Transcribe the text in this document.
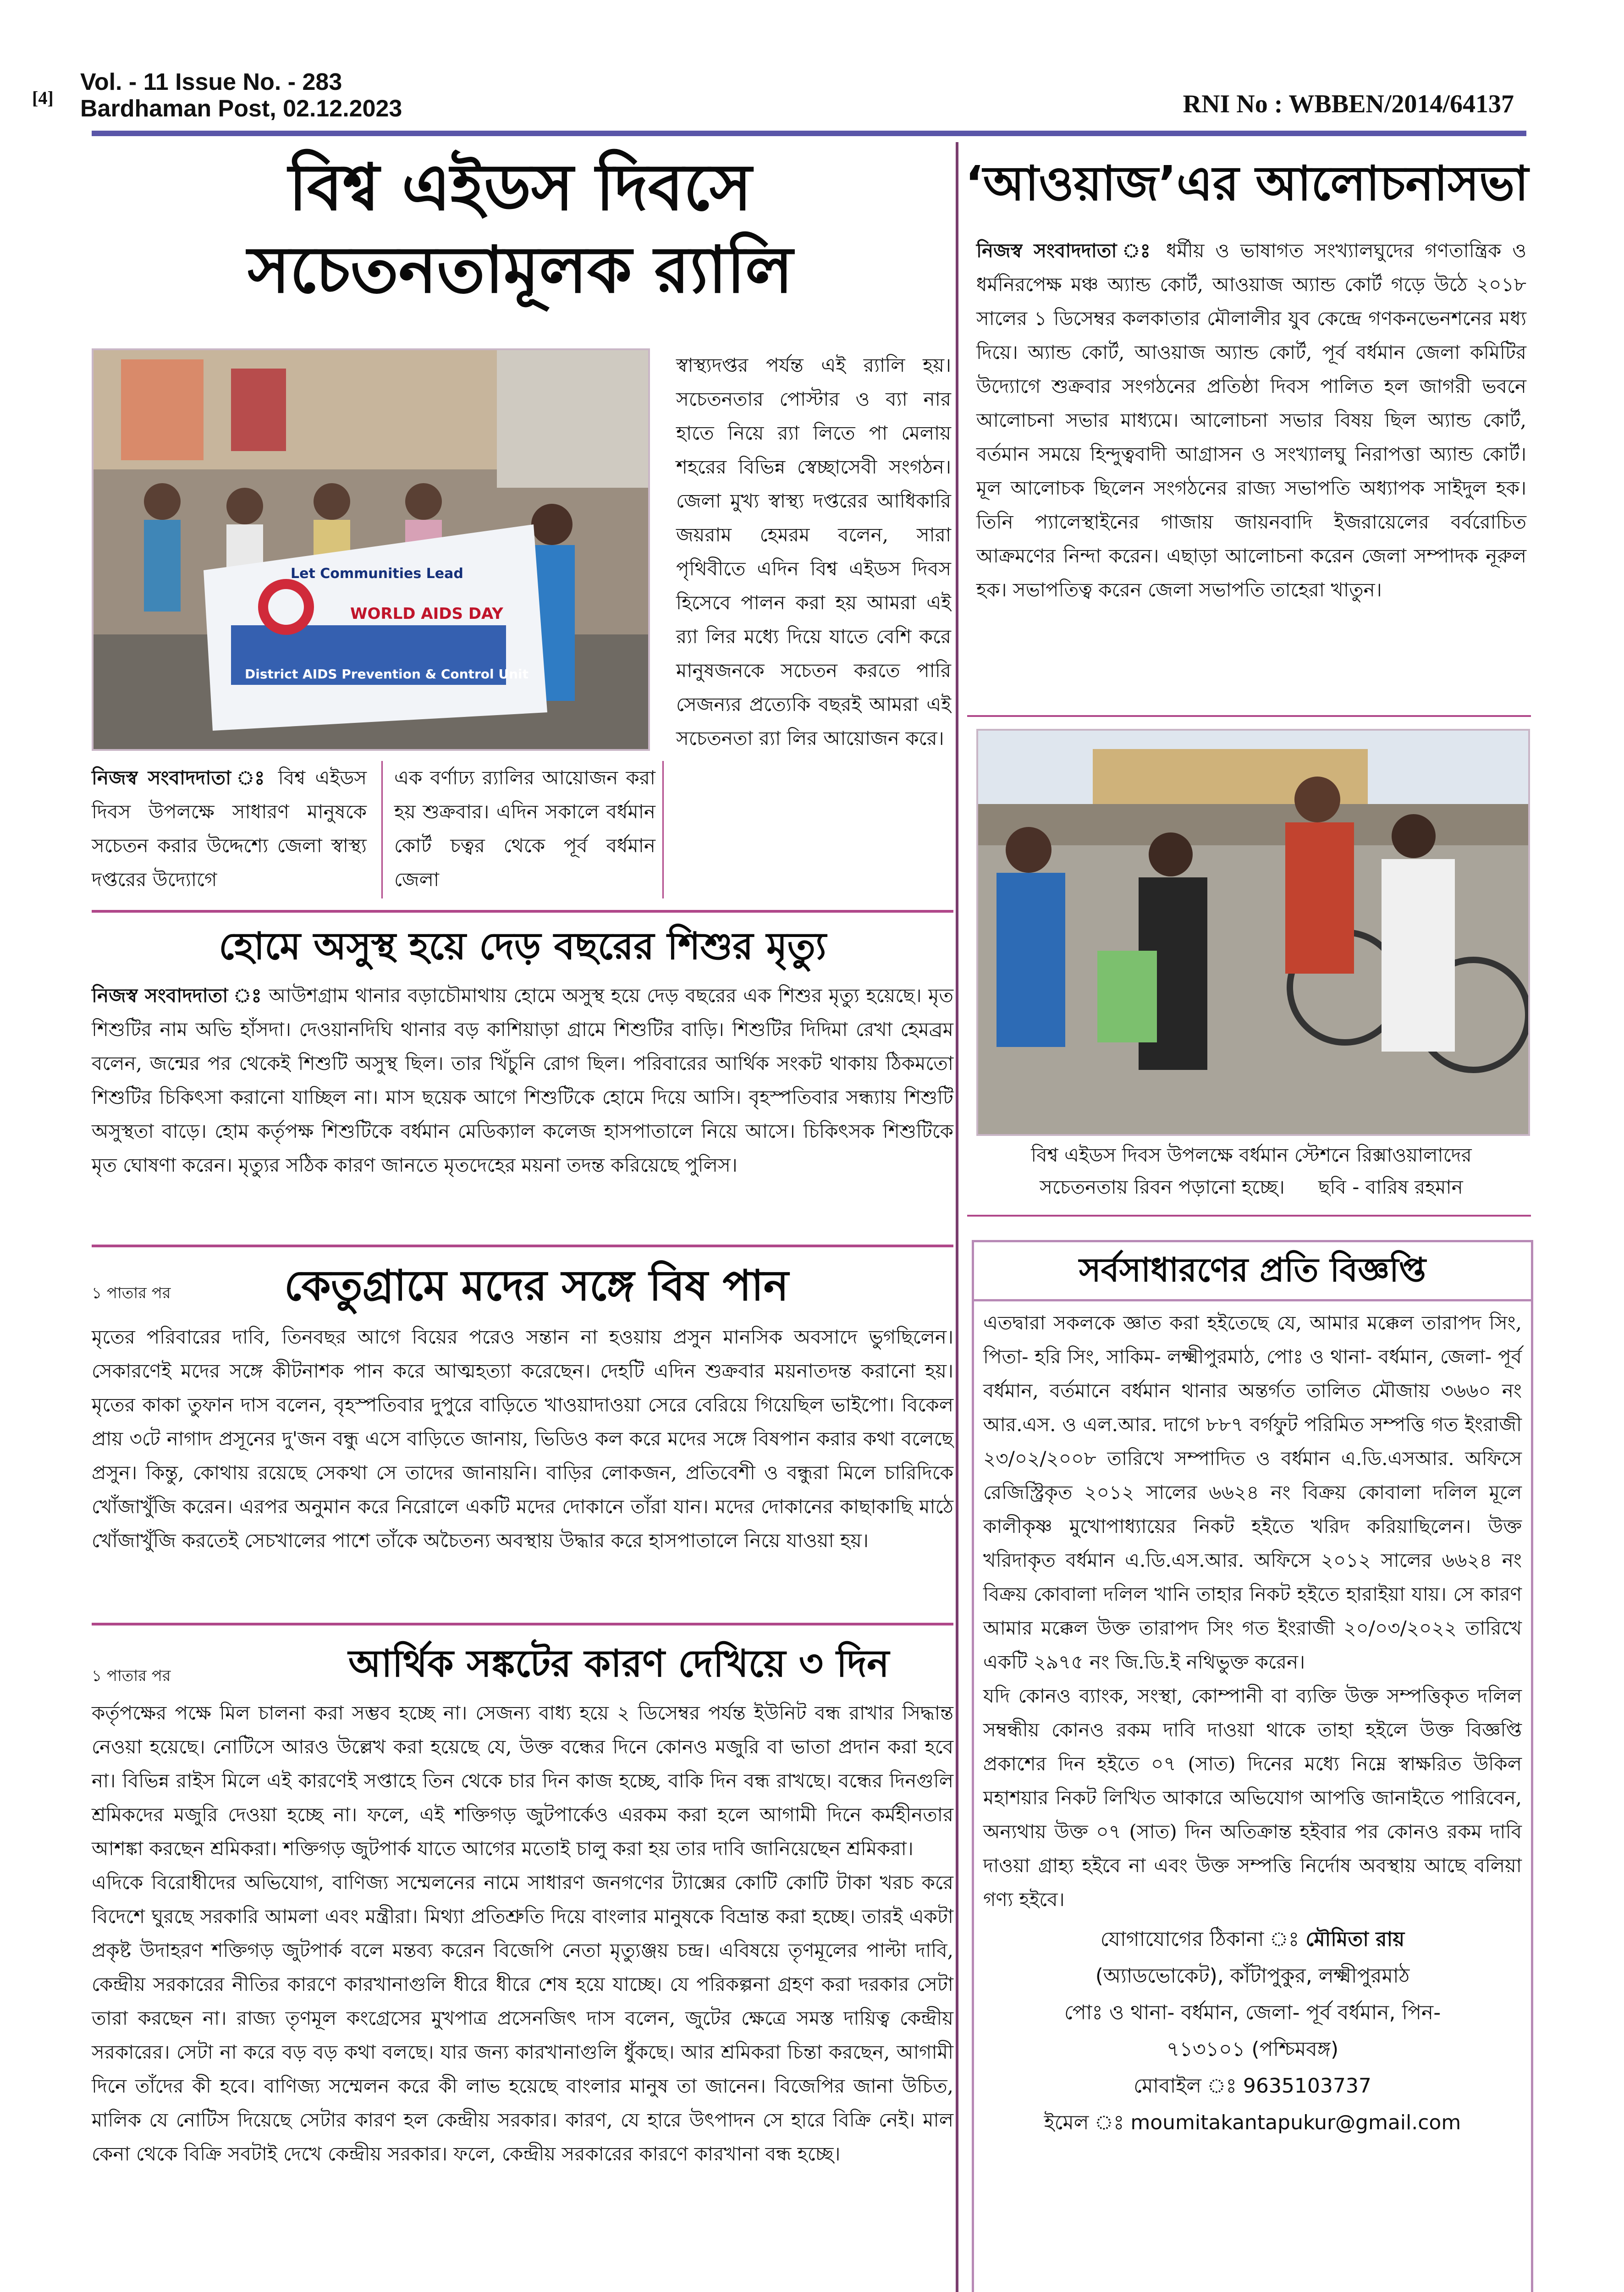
[4]
Vol. - 11 Issue No. - 283
Bardhaman Post, 02.12.2023	RNI No : WBBEN/2014/64137
বিশ্ব এইডস দিবসে
সচেতনতামূলক র‍্যালি
Let Communities Lead
WORLD AIDS DAY
District AIDS Prevention & Control Unit
স্বাস্থ্যদপ্তর পর্যন্ত এই র‍্যালি হয়। সচেতনতার পোস্টার ও ব্যা নার হাতে নিয়ে র‍্যা লিতে পা মেলায় শহরের বিভিন্ন স্বেচ্ছাসেবী সংগঠন। জেলা মুখ্য স্বাস্থ্য দপ্তরের আধিকারি জয়রাম হেমরম বলেন, সারা পৃথিবীতে এদিন বিশ্ব এইডস দিবস হিসেবে পালন করা হয় আমরা এই র‍্যা লির মধ্যে দিয়ে যাতে বেশি করে মানুষজনকে সচেতন করতে পারি সেজন্যর প্রত্যেকি বছরই আমরা এই সচেতনতা র‍্যা লির আয়োজন করে।
নিজস্ব সংবাদদাতা ঃ বিশ্ব এইডস দিবস উপলক্ষে সাধারণ মানুষকে সচেতন করার উদ্দেশ্যে জেলা স্বাস্থ্য দপ্তরের উদ্যোগে
এক বর্ণাঢ্য র‍্যালির আয়োজন করা হয় শুক্রবার। এদিন সকালে বর্ধমান কোর্ট চত্বর থেকে পূর্ব বর্ধমান জেলা
‘আওয়াজ’এর আলোচনাসভা
নিজস্ব সংবাদদাতা ঃ ধর্মীয় ও ভাষাগত সংখ্যালঘুদের গণতান্ত্রিক ও ধর্মনিরপেক্ষ মঞ্চ অ্যান্ড কোর্ট, আওয়াজ অ্যান্ড কোর্ট গড়ে উঠে ২০১৮ সালের ১ ডিসেম্বর কলকাতার মৌলালীর যুব কেন্দ্রে গণকনভেনশনের মধ্য দিয়ে। অ্যান্ড কোর্ট, আওয়াজ অ্যান্ড কোর্ট, পূর্ব বর্ধমান জেলা কমিটির উদ্যোগে শুক্রবার সংগঠনের প্রতিষ্ঠা দিবস পালিত হল জাগরী ভবনে আলোচনা সভার মাধ্যমে। আলোচনা সভার বিষয় ছিল অ্যান্ড কোর্ট, বর্তমান সময়ে হিন্দুত্ববাদী আগ্রাসন ও সংখ্যালঘু নিরাপত্তা অ্যান্ড কোর্ট। মূল আলোচক ছিলেন সংগঠনের রাজ্য সভাপতি অধ্যাপক সাইদুল হক। তিনি প্যালেস্থাইনের গাজায় জায়নবাদি ইজরায়েলের বর্বরোচিত আক্রমণের নিন্দা করেন। এছাড়া আলোচনা করেন জেলা সম্পাদক নূরুল হক। সভাপতিত্ব করেন জেলা সভাপতি তাহেরা খাতুন।
বিশ্ব এইডস দিবস উপলক্ষে বর্ধমান স্টেশনে রিক্সাওয়ালাদের
সচেতনতায় রিবন পড়ানো হচ্ছে। ছবি - বারিষ রহমান
হোমে অসুস্থ হয়ে দেড় বছরের শিশুর মৃত্যু
নিজস্ব সংবাদদাতা ঃ আউশগ্রাম থানার বড়াচৌমাথায় হোমে অসুস্থ হয়ে দেড় বছরের এক শিশুর মৃত্যু হয়েছে। মৃত শিশুটির নাম অভি হাঁসদা। দেওয়ানদিঘি থানার বড় কাশিয়াড়া গ্রামে শিশুটির বাড়ি। শিশুটির দিদিমা রেখা হেমব্রম বলেন, জন্মের পর থেকেই শিশুটি অসুস্থ ছিল। তার খিঁচুনি রোগ ছিল। পরিবারের আর্থিক সংকট থাকায় ঠিকমতো শিশুটির চিকিৎসা করানো যাচ্ছিল না। মাস ছয়েক আগে শিশুটিকে হোমে দিয়ে আসি। বৃহস্পতিবার সন্ধ্যায় শিশুটি অসুস্থতা বাড়ে। হোম কর্তৃপক্ষ শিশুটিকে বর্ধমান মেডিক্যাল কলেজ হাসপাতালে নিয়ে আসে। চিকিৎসক শিশুটিকে মৃত ঘোষণা করেন। মৃত্যুর সঠিক কারণ জানতে মৃতদেহের ময়না তদন্ত করিয়েছে পুলিস।
১ পাতার পর	কেতুগ্রামে মদের সঙ্গে বিষ পান
মৃতের পরিবারের দাবি, তিনবছর আগে বিয়ের পরেও সন্তান না হওয়ায় প্রসুন মানসিক অবসাদে ভুগছিলেন। সেকারণেই মদের সঙ্গে কীটনাশক পান করে আত্মহত্যা করেছেন। দেহটি এদিন শুক্রবার ময়নাতদন্ত করানো হয়। মৃতের কাকা তুফান দাস বলেন, বৃহস্পতিবার দুপুরে বাড়িতে খাওয়াদাওয়া সেরে বেরিয়ে গিয়েছিল ভাইপো। বিকেল প্রায় ৩টে নাগাদ প্রসূনের দু'জন বন্ধু এসে বাড়িতে জানায়, ভিডিও কল করে মদের সঙ্গে বিষপান করার কথা বলেছে প্রসুন। কিন্তু, কোথায় রয়েছে সেকথা সে তাদের জানায়নি। বাড়ির লোকজন, প্রতিবেশী ও বন্ধুরা মিলে চারিদিকে খোঁজাখুঁজি করেন। এরপর অনুমান করে নিরোলে একটি মদের দোকানে তাঁরা যান। মদের দোকানের কাছাকাছি মাঠে খোঁজাখুঁজি করতেই সেচখালের পাশে তাঁকে অচৈতন্য অবস্থায় উদ্ধার করে হাসপাতালে নিয়ে যাওয়া হয়।
১ পাতার পর	আর্থিক সঙ্কটের কারণ দেখিয়ে ৩ দিন
কর্তৃপক্ষের পক্ষে মিল চালনা করা সম্ভব হচ্ছে না। সেজন্য বাধ্য হয়ে ২ ডিসেম্বর পর্যন্ত ইউনিট বন্ধ রাখার সিদ্ধান্ত নেওয়া হয়েছে। নোটিসে আরও উল্লেখ করা হয়েছে যে, উক্ত বন্ধের দিনে কোনও মজুরি বা ভাতা প্রদান করা হবে না। বিভিন্ন রাইস মিলে এই কারণেই সপ্তাহে তিন থেকে চার দিন কাজ হচ্ছে, বাকি দিন বন্ধ রাখছে। বন্ধের দিনগুলি শ্রমিকদের মজুরি দেওয়া হচ্ছে না। ফলে, এই শক্তিগড় জুটপার্কেও এরকম করা হলে আগামী দিনে কর্মহীনতার আশঙ্কা করছেন শ্রমিকরা। শক্তিগড় জুটপার্ক যাতে আগের মতোই চালু করা হয় তার দাবি জানিয়েছেন শ্রমিকরা।
এদিকে বিরোধীদের অভিযোগ, বাণিজ্য সম্মেলনের নামে সাধারণ জনগণের ট্যাক্সের কোটি কোটি টাকা খরচ করে বিদেশে ঘুরছে সরকারি আমলা এবং মন্ত্রীরা। মিথ্যা প্রতিশ্রুতি দিয়ে বাংলার মানুষকে বিভ্রান্ত করা হচ্ছে। তারই একটা প্রকৃষ্ট উদাহরণ শক্তিগড় জুটপার্ক বলে মন্তব্য করেন বিজেপি নেতা মৃত্যুঞ্জয় চন্দ্র। এবিষয়ে তৃণমূলের পাল্টা দাবি, কেন্দ্রীয় সরকারের নীতির কারণে কারখানাগুলি ধীরে ধীরে শেষ হয়ে যাচ্ছে। যে পরিকল্পনা গ্রহণ করা দরকার সেটা তারা করছেন না। রাজ্য তৃণমূল কংগ্রেসের মুখপাত্র প্রসেনজিৎ দাস বলেন, জুটের ক্ষেত্রে সমস্ত দায়িত্ব কেন্দ্রীয় সরকারের। সেটা না করে বড় বড় কথা বলছে। যার জন্য কারখানাগুলি ধুঁকছে। আর শ্রমিকরা চিন্তা করছেন, আগামী দিনে তাঁদের কী হবে। বাণিজ্য সম্মেলন করে কী লাভ হয়েছে বাংলার মানুষ তা জানেন। বিজেপির জানা উচিত, মালিক যে নোটিস দিয়েছে সেটার কারণ হল কেন্দ্রীয় সরকার। কারণ, যে হারে উৎপাদন সে হারে বিক্রি নেই। মাল কেনা থেকে বিক্রি সবটাই দেখে কেন্দ্রীয় সরকার। ফলে, কেন্দ্রীয় সরকারের কারণে কারখানা বন্ধ হচ্ছে।
সর্বসাধারণের প্রতি বিজ্ঞপ্তি
এতদ্বারা সকলকে জ্ঞাত করা হইতেছে যে, আমার মক্কেল তারাপদ সিং, পিতা- হরি সিং, সাকিম- লক্ষ্মীপুরমাঠ, পোঃ ও থানা- বর্ধমান, জেলা- পূর্ব বর্ধমান, বর্তমানে বর্ধমান থানার অন্তর্গত তালিত মৌজায় ৩৬৬০ নং আর.এস. ও এল.আর. দাগে ৮৮৭ বর্গফুট পরিমিত সম্পত্তি গত ইংরাজী ২৩/০২/২০০৮ তারিখে সম্পাদিত ও বর্ধমান এ.ডি.এসআর. অফিসে রেজিস্ট্রিকৃত ২০১২ সালের ৬৬২৪ নং বিক্রয় কোবালা দলিল মূলে কালীকৃষ্ণ মুখোপাধ্যায়ের নিকট হইতে খরিদ করিয়াছিলেন। উক্ত খরিদাকৃত বর্ধমান এ.ডি.এস.আর. অফিসে ২০১২ সালের ৬৬২৪ নং বিক্রয় কোবালা দলিল খানি তাহার নিকট হইতে হারাইয়া যায়। সে কারণ আমার মক্কেল উক্ত তারাপদ সিং গত ইংরাজী ২০/০৩/২০২২ তারিখে একটি ২৯৭৫ নং জি.ডি.ই নথিভুক্ত করেন।
যদি কোনও ব্যাংক, সংস্থা, কোম্পানী বা ব্যক্তি উক্ত সম্পত্তিকৃত দলিল সম্বন্ধীয় কোনও রকম দাবি দাওয়া থাকে তাহা হইলে উক্ত বিজ্ঞপ্তি প্রকাশের দিন হইতে ০৭ (সাত) দিনের মধ্যে নিম্নে স্বাক্ষরিত উকিল মহাশয়ার নিকট লিখিত আকারে অভিযোগ আপত্তি জানাইতে পারিবেন, অন্যথায় উক্ত ০৭ (সাত) দিন অতিক্রান্ত হইবার পর কোনও রকম দাবি দাওয়া গ্রাহ্য হইবে না এবং উক্ত সম্পত্তি নির্দোষ অবস্থায় আছে বলিয়া গণ্য হইবে।
যোগাযোগের ঠিকানা ঃ মৌমিতা রায়
(অ্যাডভোকেট), কাঁটাপুকুর, লক্ষ্মীপুরমাঠ
পোঃ ও থানা- বর্ধমান, জেলা- পূর্ব বর্ধমান, পিন-
৭১৩১০১ (পশ্চিমবঙ্গ)
মোবাইল ঃ 9635103737
ইমেল ঃ moumitakantapukur@gmail.com
